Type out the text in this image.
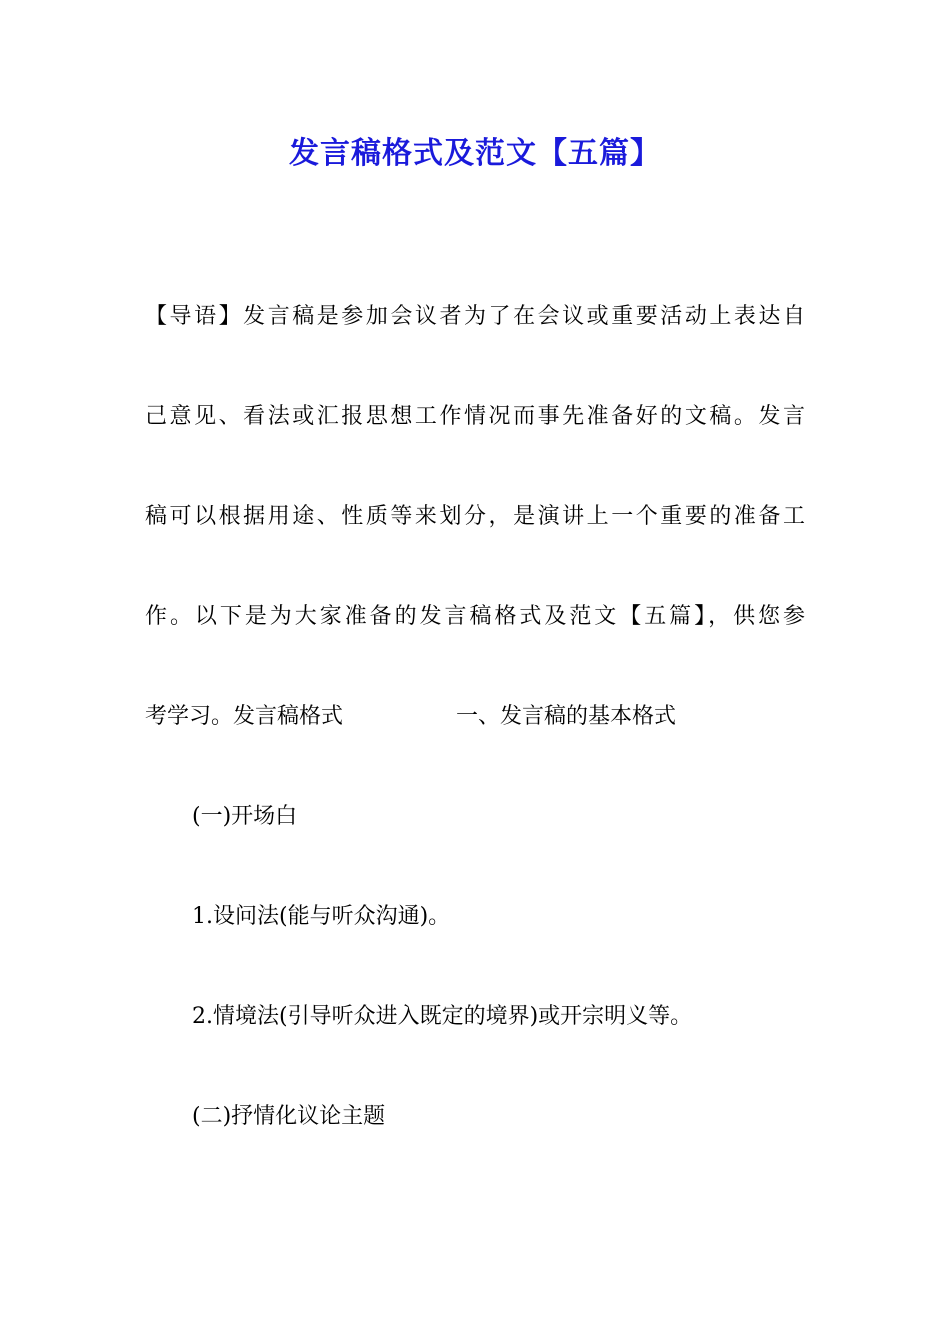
发言稿格式及范文【五篇】
【导语】发言稿是参加会议者为了在会议或重要活动上表达自
己意见、看法或汇报思想工作情况而事先准备好的文稿。发言
稿可以根据用途、性质等来划分，是演讲上一个重要的准备工
作。以下是为大家准备的发言稿格式及范文【五篇】，供您参
考学习。发言稿格式	一、发言稿的基本格式
(一)开场白
1.设问法(能与听众沟通)。
2.情境法(引导听众进入既定的境界)或开宗明义等。
(二)抒情化议论主题
